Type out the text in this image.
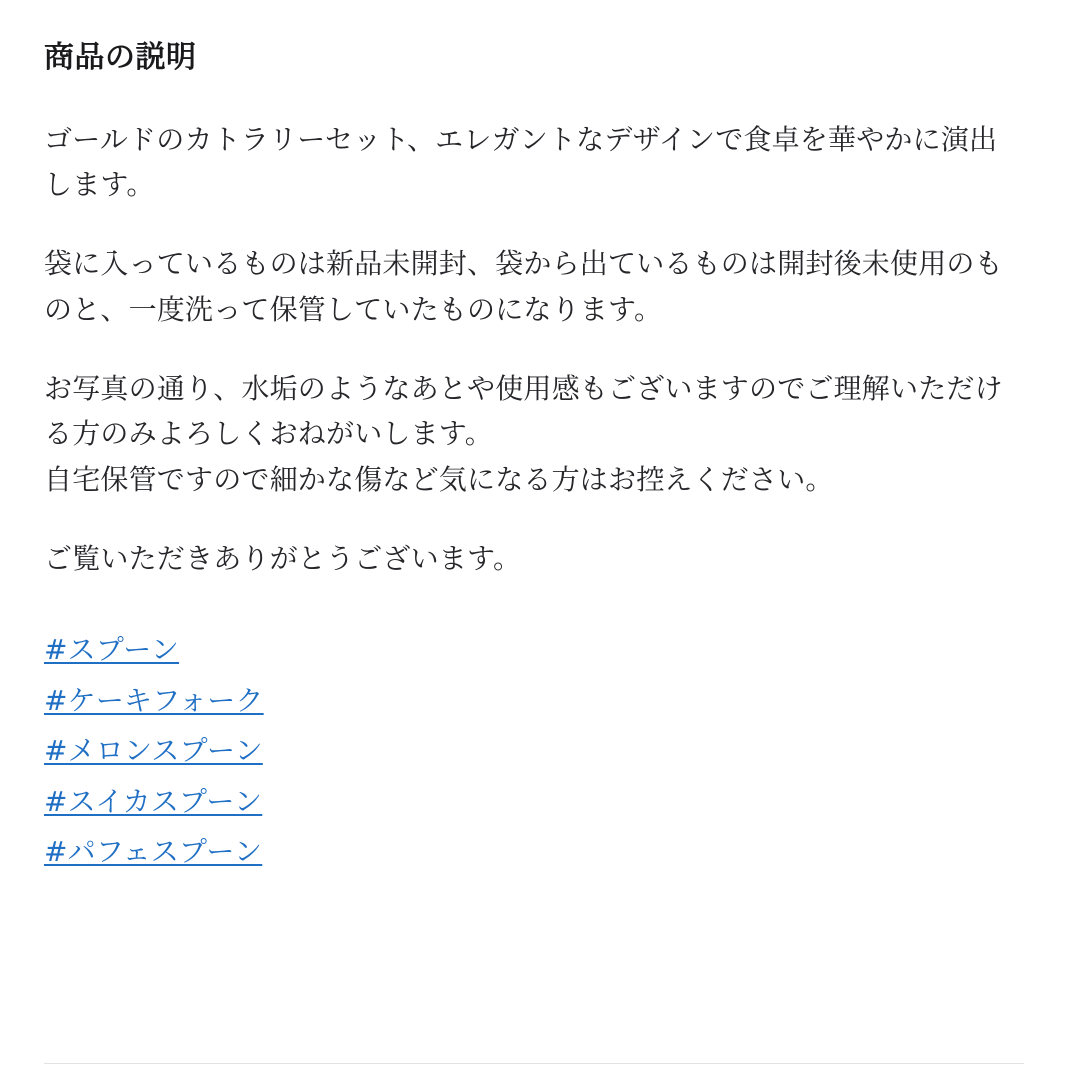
商品の説明

ゴールドのカトラリーセット、エレガントなデザインで食卓を華やかに演出します。

袋に入っているものは新品未開封、袋から出ているものは開封後未使用のものと、一度洗って保管していたものになります。

お写真の通り、水垢のようなあとや使用感もございますのでご理解いただける方のみよろしくおねがいします。

自宅保管ですので細かな傷など気になる方はお控えください。

ご覧いただきありがとうございます。

#スプーン
#ケーキフォーク
#メロンスプーン
#スイカスプーン
#パフェスプーン
